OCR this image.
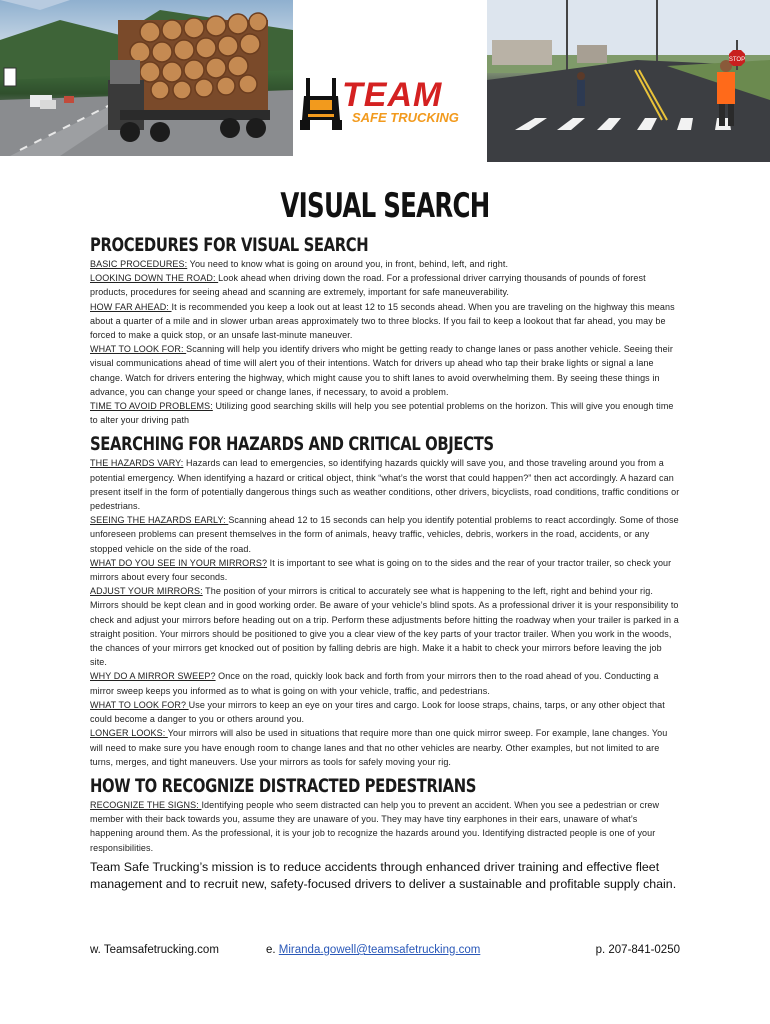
TEAM
SAFE TRUCKING
STOP
VISUAL SEARCH
PROCEDURES FOR VISUAL SEARCH

BASIC PROCEDURES: You need to know what is going on around you, in front, behind, left, and right.

LOOKING DOWN THE ROAD: Look ahead when driving down the road. For a professional driver carrying thousands of pounds of forest products, procedures for seeing ahead and scanning are extremely, important for safe maneuverability.

HOW FAR AHEAD: It is recommended you keep a look out at least 12 to 15 seconds ahead. When you are traveling on the highway this means about a quarter of a mile and in slower urban areas approximately two to three blocks. If you fail to keep a lookout that far ahead, you may be forced to make a quick stop, or an unsafe last-minute maneuver.

WHAT TO LOOK FOR: Scanning will help you identify drivers who might be getting ready to change lanes or pass another vehicle. Seeing their visual communications ahead of time will alert you of their intentions. Watch for drivers up ahead who tap their brake lights or signal a lane change. Watch for drivers entering the highway, which might cause you to shift lanes to avoid overwhelming them. By seeing these things in advance, you can change your speed or change lanes, if necessary, to avoid a problem.

TIME TO AVOID PROBLEMS: Utilizing good searching skills will help you see potential problems on the horizon. This will give you enough time to alter your driving path

SEARCHING FOR HAZARDS AND CRITICAL OBJECTS

THE HAZARDS VARY: Hazards can lead to emergencies, so identifying hazards quickly will save you, and those traveling around you from a potential emergency. When identifying a hazard or critical object, think “what’s the worst that could happen?” then act accordingly. A hazard can present itself in the form of potentially dangerous things such as weather conditions, other drivers, bicyclists, road conditions, traffic conditions or pedestrians.

SEEING THE HAZARDS EARLY: Scanning ahead 12 to 15 seconds can help you identify potential problems to react accordingly. Some of those unforeseen problems can present themselves in the form of animals, heavy traffic, vehicles, debris, workers in the road, accidents, or any stopped vehicle on the side of the road.

WHAT DO YOU SEE IN YOUR MIRRORS? It is important to see what is going on to the sides and the rear of your tractor trailer, so check your mirrors about every four seconds.

ADJUST YOUR MIRRORS: The position of your mirrors is critical to accurately see what is happening to the left, right and behind your rig. Mirrors should be kept clean and in good working order. Be aware of your vehicle’s blind spots. As a professional driver it is your responsibility to check and adjust your mirrors before heading out on a trip. Perform these adjustments before hitting the roadway when your trailer is parked in a straight position. Your mirrors should be positioned to give you a clear view of the key parts of your tractor trailer. When you work in the woods, the chances of your mirrors get knocked out of position by falling debris are high. Make it a habit to check your mirrors before leaving the job site.

WHY DO A MIRROR SWEEP? Once on the road, quickly look back and forth from your mirrors then to the road ahead of you. Conducting a mirror sweep keeps you informed as to what is going on with your vehicle, traffic, and pedestrians.

WHAT TO LOOK FOR? Use your mirrors to keep an eye on your tires and cargo. Look for loose straps, chains, tarps, or any other object that could become a danger to you or others around you.

LONGER LOOKS: Your mirrors will also be used in situations that require more than one quick mirror sweep. For example, lane changes. You will need to make sure you have enough room to change lanes and that no other vehicles are nearby. Other examples, but not limited to are turns, merges, and tight maneuvers. Use your mirrors as tools for safely moving your rig.

HOW TO RECOGNIZE DISTRACTED PEDESTRIANS

RECOGNIZE THE SIGNS: Identifying people who seem distracted can help you to prevent an accident. When you see a pedestrian or crew member with their back towards you, assume they are unaware of you. They may have tiny earphones in their ears, unaware of what’s happening around them. As the professional, it is your job to recognize the hazards around you. Identifying distracted people is one of your responsibilities.

Team Safe Trucking’s mission is to reduce accidents through enhanced driver training and effective fleet management and to recruit new, safety-focused drivers to deliver a sustainable and profitable supply chain.

w. Teamsafetrucking.com	e. Miranda.gowell@teamsafetrucking.com	p. 207-841-0250
